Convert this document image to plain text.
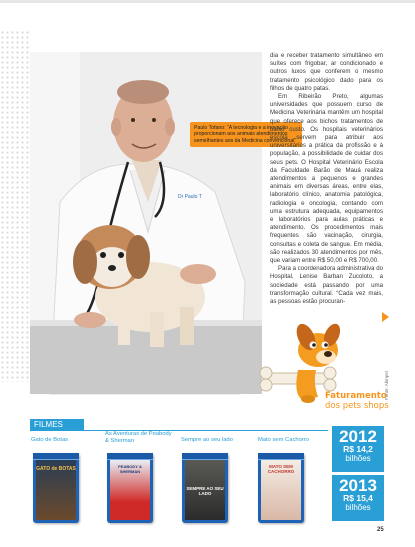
Dr Paulo T
Paulo Tofano: “A tecnologia e a inovação proporcionam aos animais atendimentos semelhantes aos da Medicina convencional”

dia e receber tratamento simultâneo em suítes com frigobar, ar condicionado e outros luxos que conferem o mesmo tratamento psicológico dado para os filhos de quatro patas.

Em Ribeirão Preto, algumas universidades que possuem curso de Medicina Veterinária mantêm um hospital que oferece aos bichos tratamentos de baixo custo. Os hospitais veterinários escola servem para atribuir aos universitários a prática da profissão e à população, a possibilidade de cuidar dos seus pets. O Hospital Veterinário Escola da Faculdade Barão de Mauá realiza atendimentos a pequenos e grandes animais em diversas áreas, entre elas, laboratório clínico, anatomia patológica, radiologia e oncologia, contando com uma estrutura adequada, equipamentos e laboratórios para aulas práticas e atendimento. Os procedimentos mais frequentes são vacinação, cirurgia, consultas e coleta de sangue. Em média, são realizados 30 atendimentos por mês, que variam entre R$ 50,00 e R$ 700,00.

Para a coordenadora administrativa do Hospital, Lenise Barban Zucoloto, a sociedade está passando por uma transformação cultural. “Cada vez mais, as pessoas estão procuran-

Faturamento
dos pets shops
Fonte: Abinpet
2012
R$ 14,2
bilhões
2013
R$ 15,4
bilhões
FILMES
Gato de Botas
As Aventuras de Peabody & Sherman	Sempre ao seu lado	Mato sem Cachorro
GATO de BOTAS	PEABODY & SHERMAN
SEMPRE AO SEU LADO
MATO SEM CACHORRO
25
